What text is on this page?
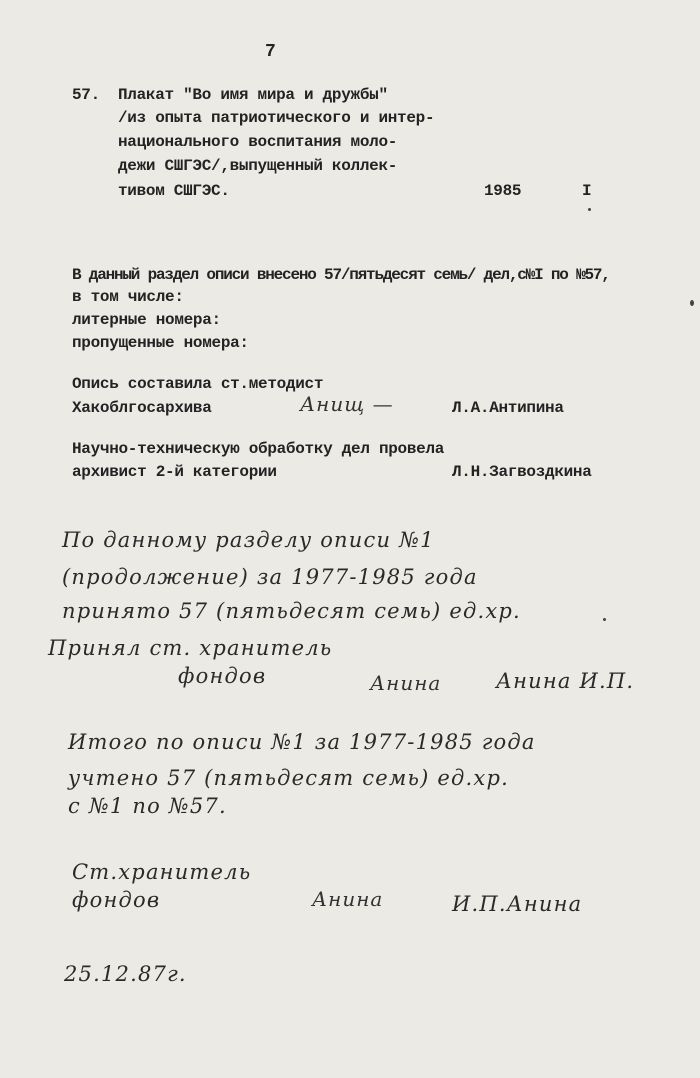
7
57. Плакат "Во имя мира и дружбы"
/из опыта патриотического и интер-
национального воспитания моло-
дежи СШГЭС/,выпущенный коллек-
тивом СШГЭС.	1985	I
В данный раздел описи внесено 57/пятьдесят семь/ дел,с№I по №57,
в том числе:
литерные номера:
пропущенные номера:
Опись составила ст.методист
Хакоблгосархива	Анищ —	Л.А.Антипина
Научно-техническую обработку дел провела
архивист 2-й категории	Л.Н.Загвоздкина
По данному разделу описи №1
(продолжение) за 1977-1985 года
принято 57 (пятьдесят семь) ед.хр.
Принял ст. хранитель
фондов	Анина	Анина И.П.
Итого по описи №1 за 1977-1985 года
учтено 57 (пятьдесят семь) ед.хр.
с №1 по №57.
Ст.хранитель
фондов	Анина	И.П.Анина
25.12.87г.
